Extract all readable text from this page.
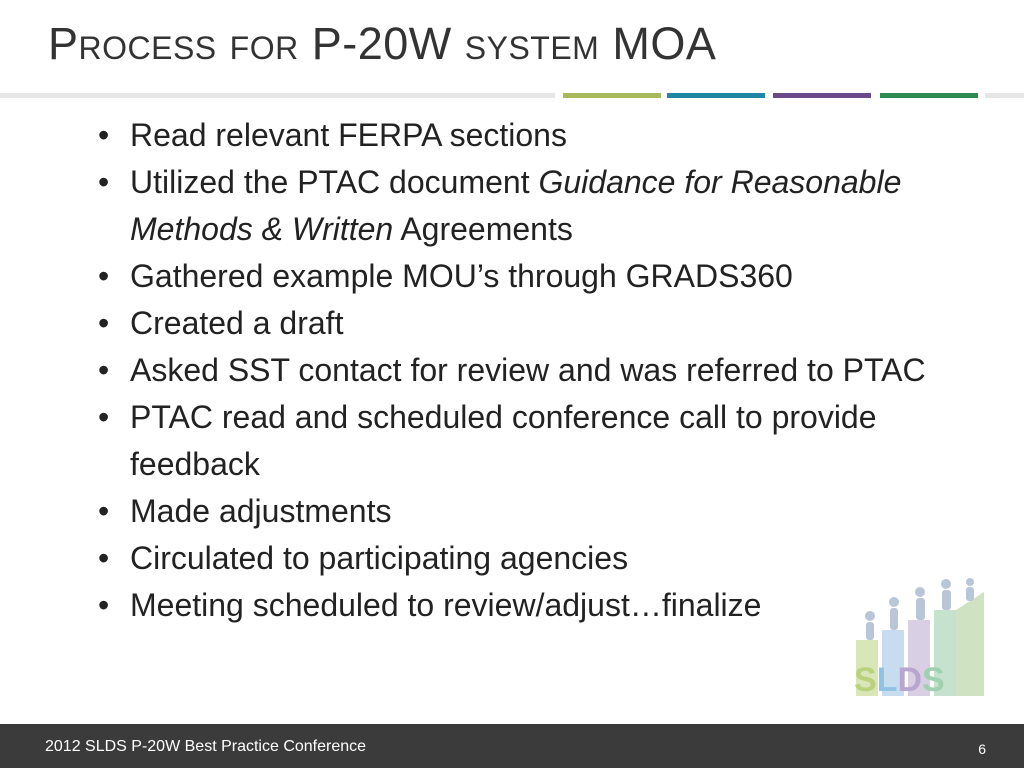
Process for P-20W system MOA
• Read relevant FERPA sections
• Utilized the PTAC document Guidance for Reasonable Methods & Written Agreements
• Gathered example MOU’s through GRADS360
• Created a draft
• Asked SST contact for review and was referred to PTAC
• PTAC read and scheduled conference call to provide feedback
• Made adjustments
• Circulated to participating agencies
• Meeting scheduled to review/adjust…finalize
SLDS
2012 SLDS P-20W Best Practice Conference	6
